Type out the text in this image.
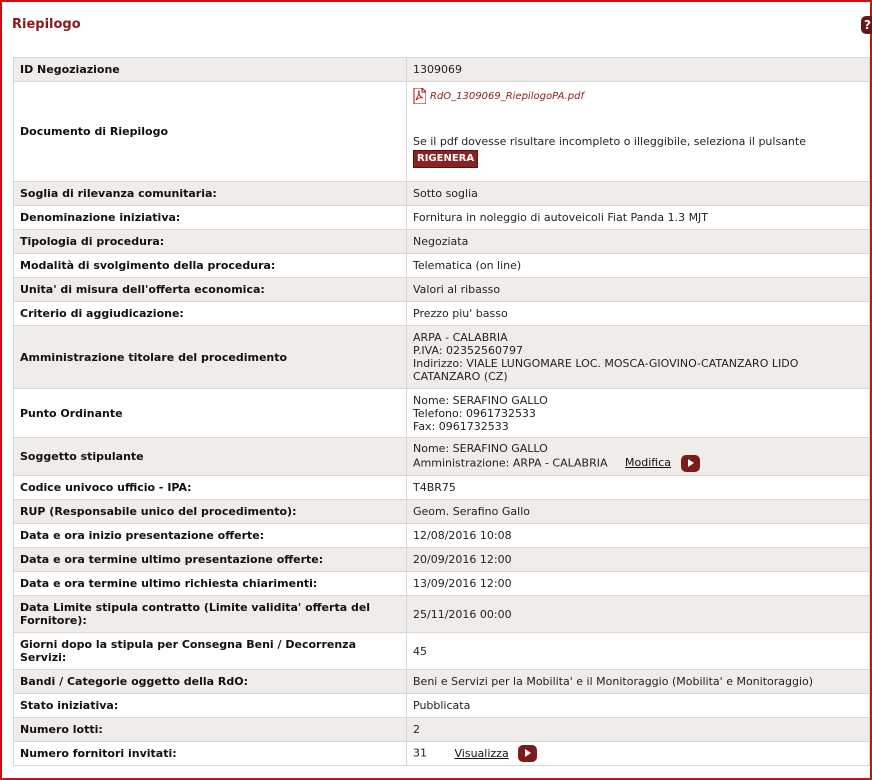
Riepilogo	?
ID Negoziazione	1309069
Documento di Riepilogo	RdO_1309069_RiepilogoPA.pdf
Se il pdf dovesse risultare incompleto o illeggibile, seleziona il pulsante
RIGENERA
Soglia di rilevanza comunitaria:	Sotto soglia
Denominazione iniziativa:	Fornitura in noleggio di autoveicoli Fiat Panda 1.3 MJT
Tipologia di procedura:	Negoziata
Modalità di svolgimento della procedura:	Telematica (on line)
Unita' di misura dell'offerta economica:	Valori al ribasso
Criterio di aggiudicazione:	Prezzo piu' basso
Amministrazione titolare del procedimento	ARPA - CALABRIA
P.IVA: 02352560797
Indirizzo: VIALE LUNGOMARE LOC. MOSCA-GIOVINO-CATANZARO LIDO
CATANZARO (CZ)

Punto Ordinante	Nome: SERAFINO GALLO
Telefono: 0961732533
Fax: 0961732533

Soggetto stipulante	Nome: SERAFINO GALLO
Amministrazione: ARPA - CALABRIA Modifica

Codice univoco ufficio - IPA:	T4BR75
RUP (Responsabile unico del procedimento):	Geom. Serafino Gallo
Data e ora inizio presentazione offerte:	12/08/2016 10:08
Data e ora termine ultimo presentazione offerte:	20/09/2016 12:00
Data e ora termine ultimo richiesta chiarimenti:	13/09/2016 12:00
Data Limite stipula contratto (Limite validita' offerta del Fornitore):	25/11/2016 00:00
Giorni dopo la stipula per Consegna Beni / Decorrenza Servizi:	45
Bandi / Categorie oggetto della RdO:	Beni e Servizi per la Mobilita' e il Monitoraggio (Mobilita' e Monitoraggio)
Stato iniziativa:	Pubblicata
Numero lotti:	2
Numero fornitori invitati:	31 Visualizza
